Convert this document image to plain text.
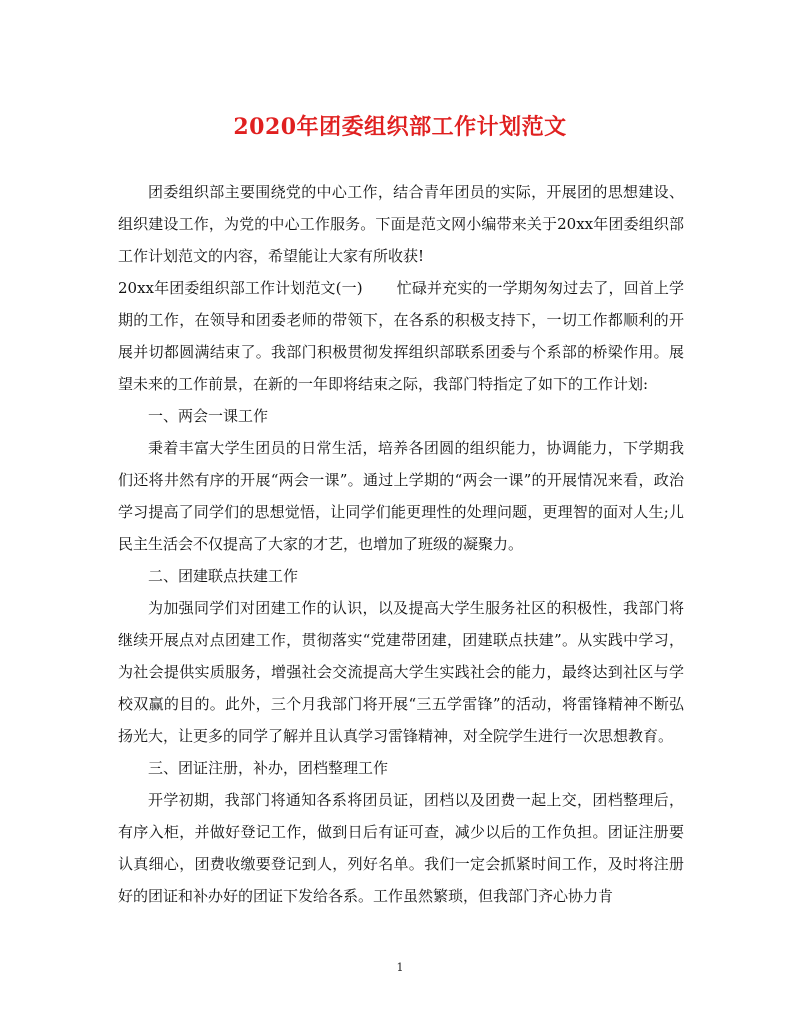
2020年团委组织部工作计划范文

团委组织部主要围绕党的中心工作，结合青年团员的实际，开展团的思想建设、组织建设工作，为党的中心工作服务。下面是范文网小编带来关于20xx年团委组织部工作计划范文的内容，希望能让大家有所收获!

20xx年团委组织部工作计划范文(一) 忙碌并充实的一学期匆匆过去了，回首上学期的工作，在领导和团委老师的带领下，在各系的积极支持下，一切工作都顺利的开展并切都圆满结束了。我部门积极贯彻发挥组织部联系团委与个系部的桥梁作用。展望未来的工作前景，在新的一年即将结束之际，我部门特指定了如下的工作计划:

一、两会一课工作

秉着丰富大学生团员的日常生活，培养各团圆的组织能力，协调能力，下学期我们还将井然有序的开展“两会一课”。通过上学期的“两会一课”的开展情况来看，政治学习提高了同学们的思想觉悟，让同学们能更理性的处理问题，更理智的面对人生;儿民主生活会不仅提高了大家的才艺，也增加了班级的凝聚力。

二、团建联点扶建工作

为加强同学们对团建工作的认识，以及提高大学生服务社区的积极性，我部门将继续开展点对点团建工作，贯彻落实“党建带团建，团建联点扶建”。从实践中学习，为社会提供实质服务，增强社会交流提高大学生实践社会的能力，最终达到社区与学校双赢的目的。此外，三个月我部门将开展“三五学雷锋”的活动，将雷锋精神不断弘扬光大，让更多的同学了解并且认真学习雷锋精神，对全院学生进行一次思想教育。

三、团证注册，补办，团档整理工作

开学初期，我部门将通知各系将团员证，团档以及团费一起上交，团档整理后，有序入柜，并做好登记工作，做到日后有证可查，减少以后的工作负担。团证注册要认真细心，团费收缴要登记到人，列好名单。我们一定会抓紧时间工作，及时将注册好的团证和补办好的团证下发给各系。工作虽然繁琐，但我部门齐心协力肯

1
